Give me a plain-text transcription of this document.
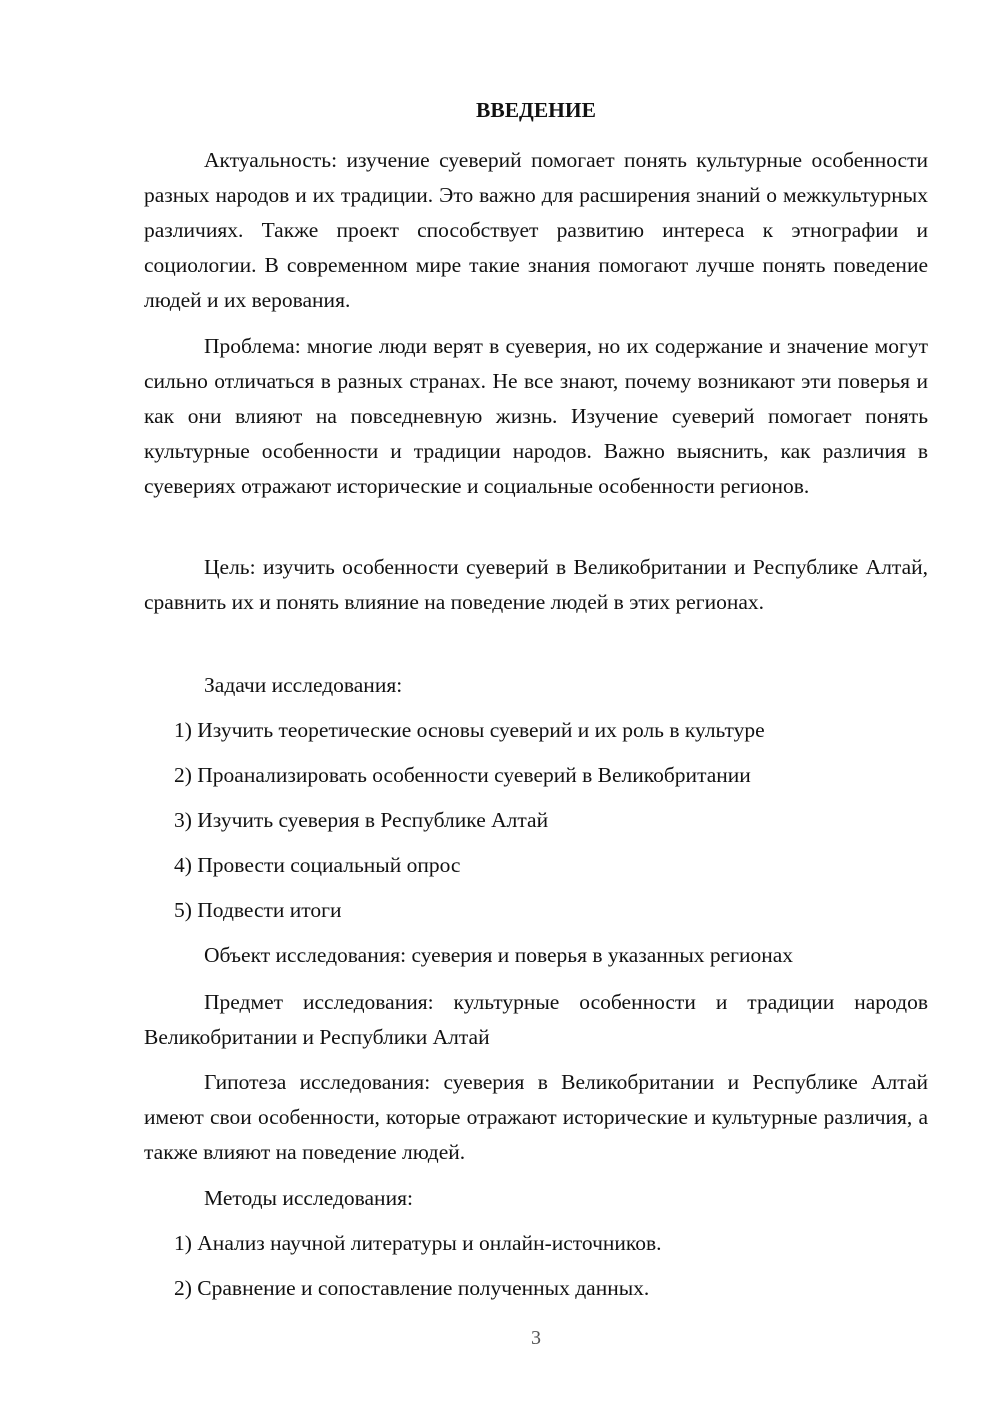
ВВЕДЕНИЕ

Актуальность: изучение суеверий помогает понять культурные особенности разных народов и их традиции. Это важно для расширения знаний о межкультурных различиях. Также проект способствует развитию интереса к этнографии и социологии. В современном мире такие знания помогают лучше понять поведение людей и их верования.

Проблема: многие люди верят в суеверия, но их содержание и значение могут сильно отличаться в разных странах. Не все знают, почему возникают эти поверья и как они влияют на повседневную жизнь. Изучение суеверий помогает понять культурные особенности и традиции народов. Важно выяснить, как различия в суевериях отражают исторические и социальные особенности регионов.

Цель: изучить особенности суеверий в Великобритании и Республике Алтай, сравнить их и понять влияние на поведение людей в этих регионах.

Задачи исследования:
1) Изучить теоретические основы суеверий и их роль в культуре
2) Проанализировать особенности суеверий в Великобритании
3) Изучить суеверия в Республике Алтай
4) Провести социальный опрос
5) Подвести итоги
Объект исследования: суеверия и поверья в указанных регионах

Предмет исследования: культурные особенности и традиции народов Великобритании и Республики Алтай

Гипотеза исследования: суеверия в Великобритании и Республике Алтай имеют свои особенности, которые отражают исторические и культурные различия, а также влияют на поведение людей.

Методы исследования:
1) Анализ научной литературы и онлайн-источников.
2) Сравнение и сопоставление полученных данных.
3
